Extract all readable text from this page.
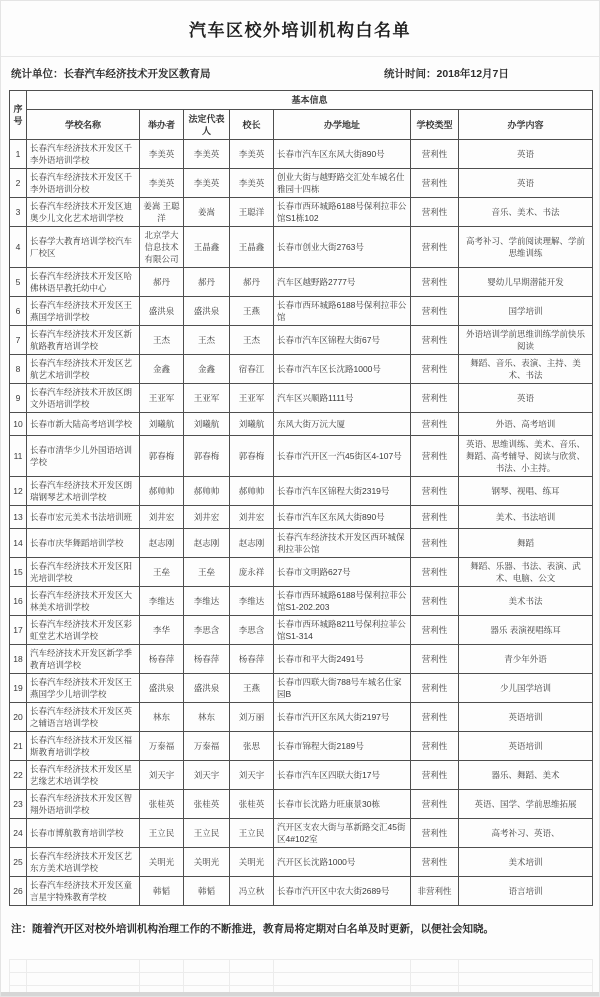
汽车区校外培训机构白名单
统计单位：长春汽车经济技术开发区教育局	统计时间：2018年12月7日
序号	基本信息						
	学校名称	举办者	法定代表人	校长	办学地址	学校类型	办学内容
1	长春汽车经济技术开发区千李外语培训学校	李美英	李美英	李美英	长春市汽车区东风大街890号	营利性	英语
2	长春汽车经济技术开发区千李外语培训分校	李美英	李美英	李美英	创业大街与越野路交汇处车城名仕雅园十四栋	营利性	英语
3	长春汽车经济技术开发区迪奥少儿文化艺术培训学校	姜嵩 王聪洋	姜嵩	王聪洋	长春市西环城路6188号保利拉菲公馆S1栋102	营利性	音乐、美术、书法
4	长春学大教育培训学校汽车厂校区	北京学大信息技术有限公司	王晶鑫	王晶鑫	长春市创业大街2763号	营利性	高考补习、学前阅读理解、学前思维训练
5	长春汽车经济技术开发区哈佛林语早教托幼中心	郝丹	郝丹	郝丹	汽车区越野路2777号	营利性	婴幼儿早期潜能开发
6	长春汽车经济技术开发区王燕国学培训学校	盛洪泉	盛洪泉	王燕	长春市西环城路6188号保利拉菲公馆	营利性	国学培训
7	长春汽车经济技术开发区新航路教育培训学校	王杰	王杰	王杰	长春市汽车区锦程大街67号	营利性	外语培训学前思维训练学前快乐阅读
8	长春汽车经济技术开发区艺航艺术培训学校	金鑫	金鑫	宿春江	长春市汽车区长沈路1000号	营利性	舞蹈、音乐、表演、主持、美术、书法
9	长春汽车经济技术开放区朗文外语培训学校	王亚军	王亚军	王亚军	汽车区兴顺路1111号	营利性	英语
10	长春市新大陆高考培训学校	刘曦航	刘曦航	刘曦航	东风大街万沅大厦	营利性	外语、高考培训
11	长春市清华少儿外国语培训学校	郭春梅	郭春梅	郭春梅	长春市汽开区一汽45街区4-107号	营利性	英语、思维训练、美术、音乐、舞蹈、高考辅导、阅读与欣赏、书法、小主持。
12	长春汽车经济技术开发区朗瑞钢琴艺术培训学校	郝帅帅	郝帅帅	郝帅帅	长春市汽车区锦程大街2319号	营利性	钢琴、视唱、练耳
13	长春市宏元美术书法培训班	刘井宏	刘井宏	刘井宏	长春市汽车区东风大街890号	营利性	美术、书法培训
14	长春市庆华舞蹈培训学校	赵志刚	赵志刚	赵志刚	长春汽车经济技术开发区西环城保利拉菲公馆	营利性	舞蹈
15	长春汽车经济技术开发区阳光培训学校	王垒	王垒	庞永祥	长春市文明路627号	营利性	舞蹈、乐器、书法、表演、武术、电脑、公文
16	长春汽车经济技术开发区大林美术培训学校	李维达	李维达	李维达	长春市西环城路6188号保利拉菲公馆S1-202.203	营利性	美术书法
17	长春汽车经济技术开发区彩虹堂艺术培训学校	李华	李思含	李思含	长春市西环城路8211号保利拉菲公馆S1-314	营利性	器乐 表演视唱练耳
18	汽车经济技术开发区新学季教育培训学校	杨春萍	杨春萍	杨春萍	长春市和平大街2491号	营利性	青少年外语
19	长春汽车经济技术开发区王燕国学少儿培训学校	盛洪泉	盛洪泉	王燕	长春市四联大街788号车城名仕家园B	营利性	少儿国学培训
20	长春汽车经济技术开发区英之辅语言培训学校	林东	林东	刘万丽	长春市汽开区东风大街2197号	营利性	英语培训
21	长春汽车经济技术开发区福斯教育培训学校	万泰福	万泰福	张思	长春市锦程大街2189号	营利性	英语培训
22	长春汽车经济技术开发区星艺缘艺术培训学校	刘天宇	刘天宇	刘天宇	长春市汽车区四联大街17号	营利性	器乐、舞蹈、美术
23	长春汽车经济技术开发区智翔外语培训学校	张桂英	张桂英	张桂英	长春市长沈路力旺康景30栋	营利性	英语、国学、学前思维拓展
24	长春市博航教育培训学校	王立民	王立民	王立民	汽开区支农大街与革新路交汇45街区4#102室	营利性	高考补习、英语、
25	长春汽车经济技术开发区艺东方美术培训学校	关明光	关明光	关明光	汽开区长沈路1000号	营利性	美术培训
26	长春汽车经济技术开发区童言星宇特殊教育学校	韩韬	韩韬	冯立秋	长春市汽开区中农大街2689号	非营利性	语言培训
注：随着汽开区对校外培训机构治理工作的不断推进，教育局将定期对白名单及时更新，以便社会知晓。
